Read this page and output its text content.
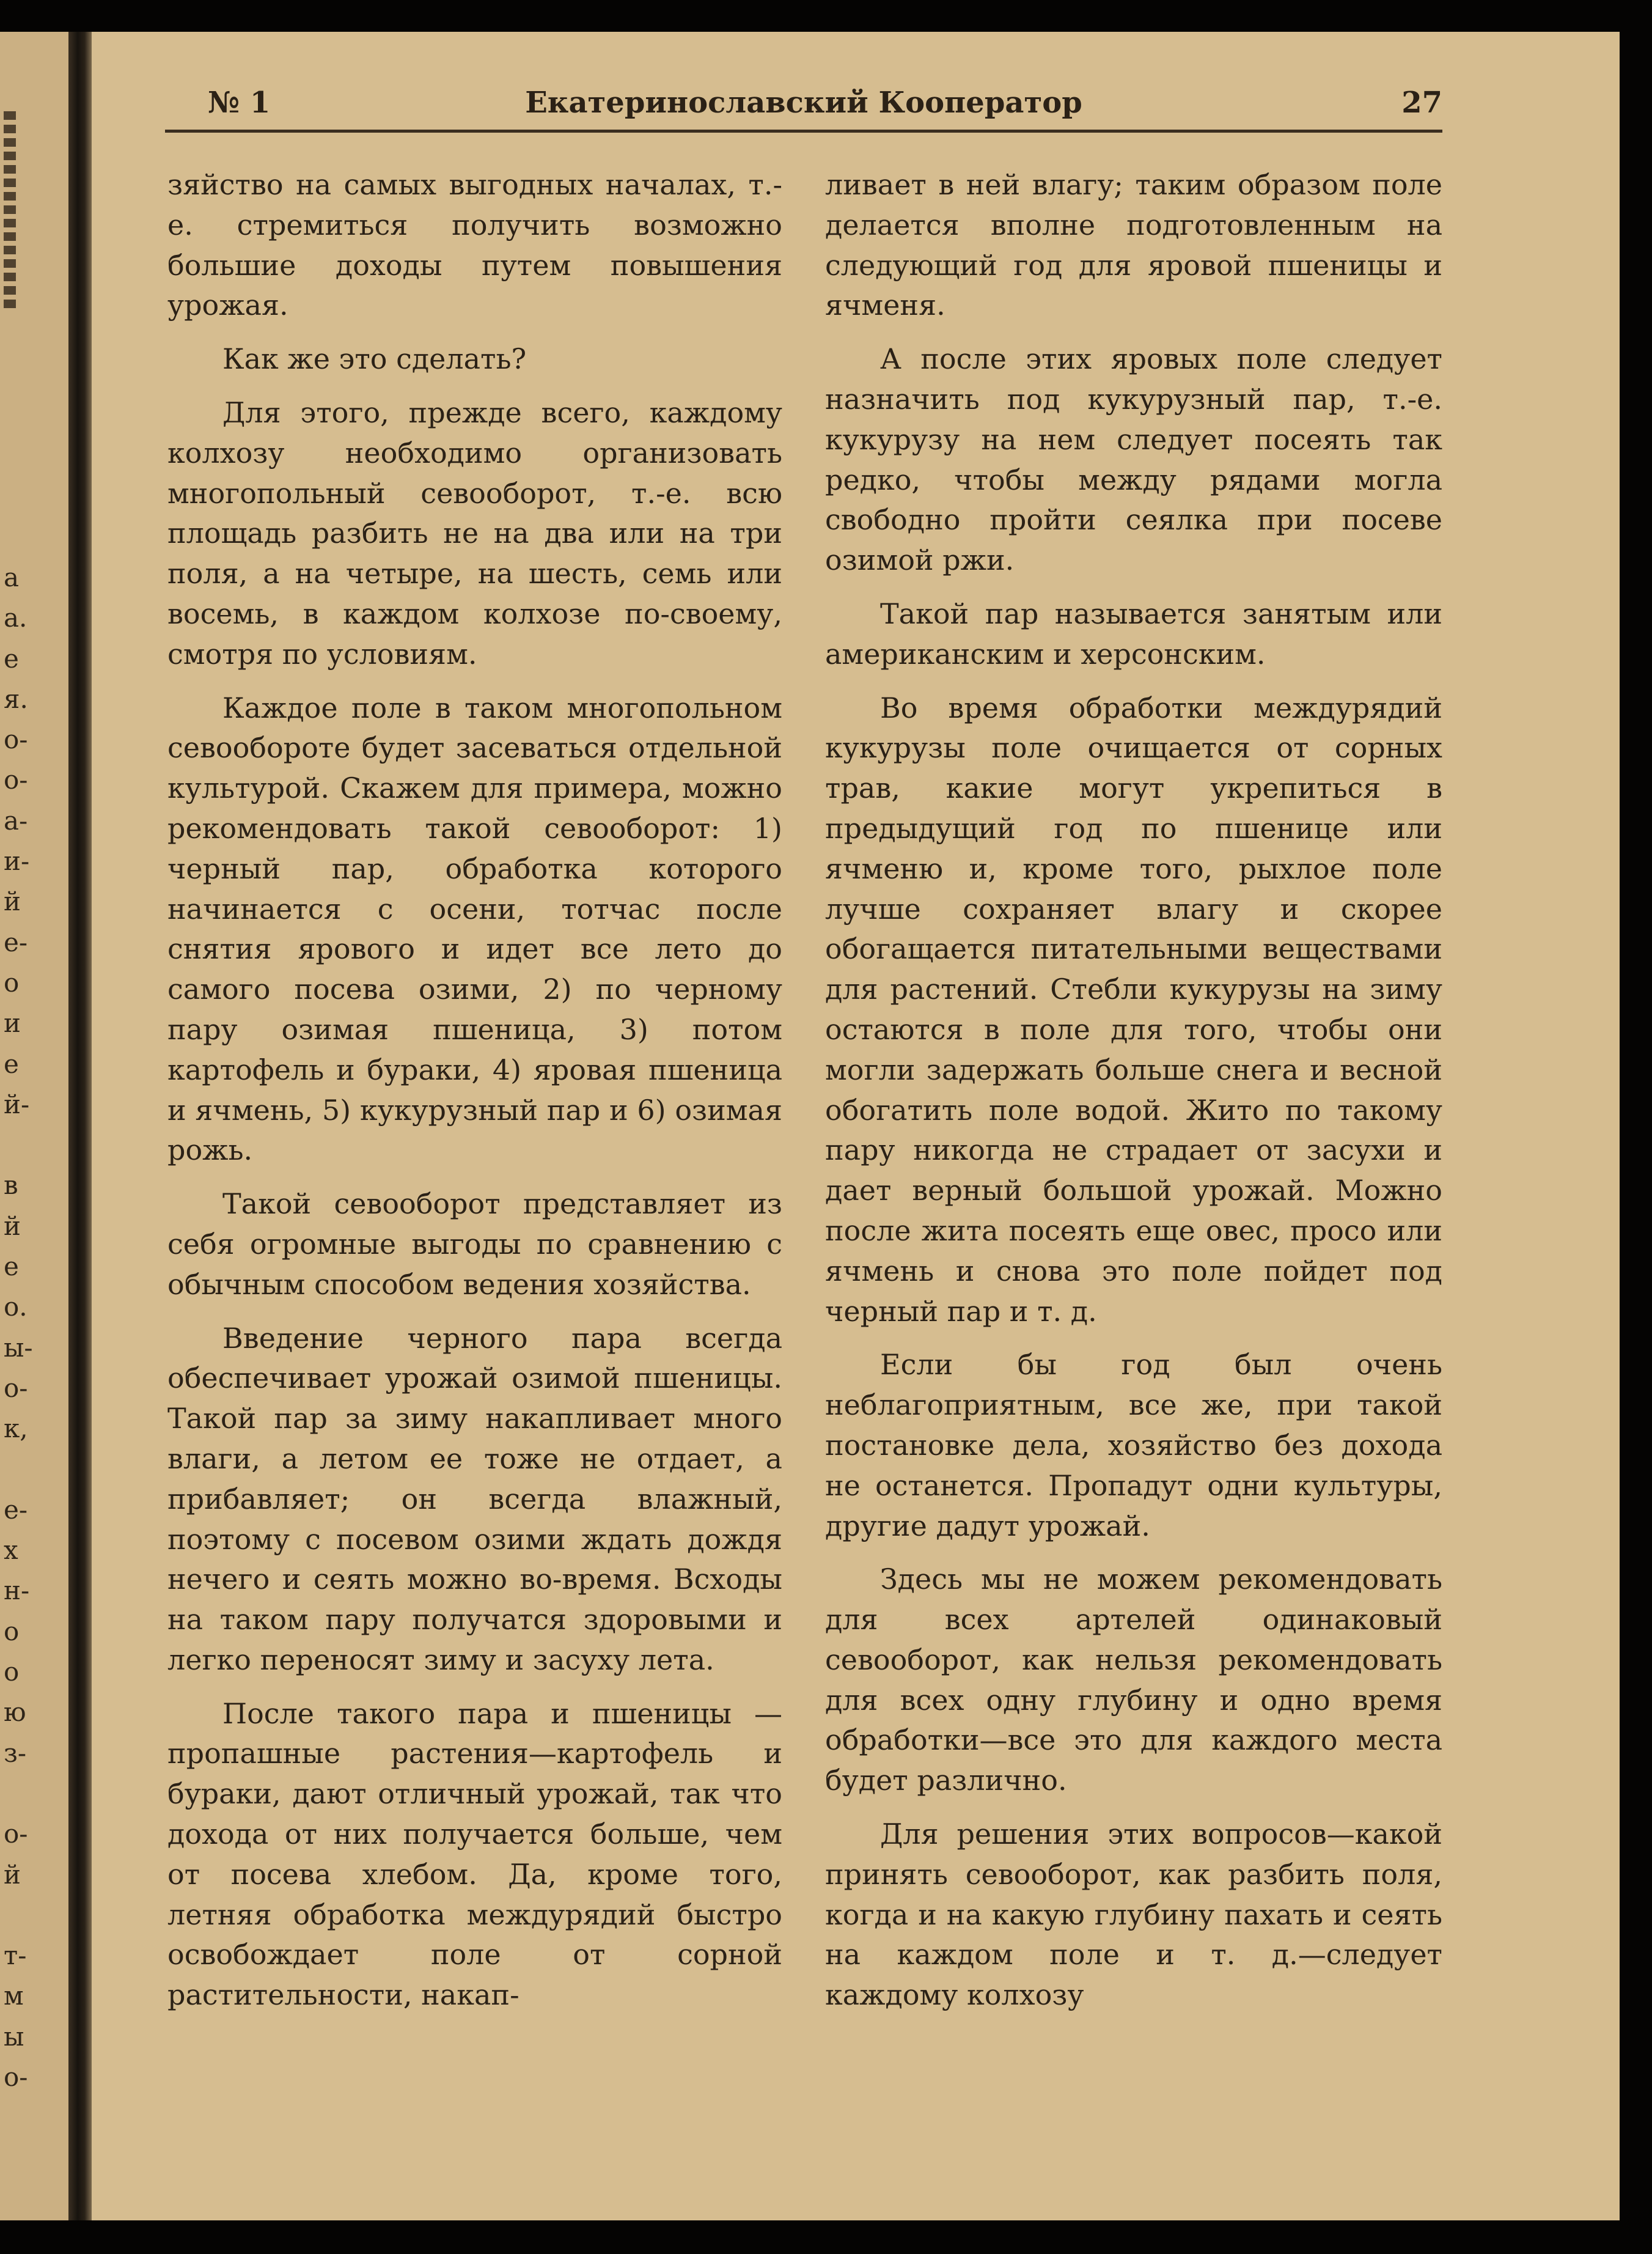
а
а.
е
я.
о-
о-
а-
и-
й
е-
о
и
е
й-
в
й
е
о.
ы-
о-
к,
е-
х
н-
о
о
ю
з-
о-
й
т-
м
ы
о-
№ 1	Екатеринославский Кооператор	27

зяйство на самых выгодных началах, т.-е. стремиться получить возможно большие доходы путем повышения урожая.

Как же это сделать?

Для этого, прежде всего, каждому колхозу необходимо организовать многопольный севооборот, т.-е. всю площадь разбить не на два или на три поля, а на четыре, на шесть, семь или восемь, в каждом колхозе по-своему, смотря по условиям.

Каждое поле в таком многопольном севообороте будет засеваться отдельной культурой. Скажем для примера, можно рекомендовать такой севооборот: 1) черный пар, обработка которого начинается с осени, тотчас после снятия ярового и идет все лето до самого посева озими, 2) по черному пару озимая пшеница, 3) потом картофель и бураки, 4) яровая пшеница и ячмень, 5) кукурузный пар и 6) озимая рожь.

Такой севооборот представляет из себя огромные выгоды по сравнению с обычным способом ведения хозяйства.

Введение черного пара всегда обеспечивает урожай озимой пшеницы. Такой пар за зиму накапливает много влаги, а летом ее тоже не отдает, а прибавляет; он всегда влажный, поэтому с посевом озими ждать дождя нечего и сеять можно во-время. Всходы на таком пару получатся здоровыми и легко переносят зиму и засуху лета.

После такого пара и пшеницы —пропашные растения—картофель и бураки, дают отличный урожай, так что дохода от них получается больше, чем от посева хлебом. Да, кроме того, летняя обработка междурядий быстро освобождает поле от сорной растительности, накап-

ливает в ней влагу; таким образом поле делается вполне подготовленным на следующий год для яровой пшеницы и ячменя.

А после этих яровых поле следует назначить под кукурузный пар, т.-е. кукурузу на нем следует посеять так редко, чтобы между рядами могла свободно пройти сеялка при посеве озимой ржи.

Такой пар называется занятым или американским и херсонским.

Во время обработки междурядий кукурузы поле очищается от сорных трав, какие могут укрепиться в предыдущий год по пшенице или ячменю и, кроме того, рыхлое поле лучше сохраняет влагу и скорее обогащается питательными веществами для растений. Стебли кукурузы на зиму остаются в поле для того, чтобы они могли задержать больше снега и весной обогатить поле водой. Жито по такому пару никогда не страдает от засухи и дает верный большой урожай. Можно после жита посеять еще овес, просо или ячмень и снова это поле пойдет под черный пар и т. д.

Если бы год был очень неблагоприятным, все же, при такой постановке дела, хозяйство без дохода не останется. Пропадут одни культуры, другие дадут урожай.

Здесь мы не можем рекомендовать для всех артелей одинаковый севооборот, как нельзя рекомендовать для всех одну глубину и одно время обработки—все это для каждого места будет различно.

Для решения этих вопросов—какой принять севооборот, как разбить поля, когда и на какую глубину пахать и сеять на каждом поле и т. д.—следует каждому колхозу
